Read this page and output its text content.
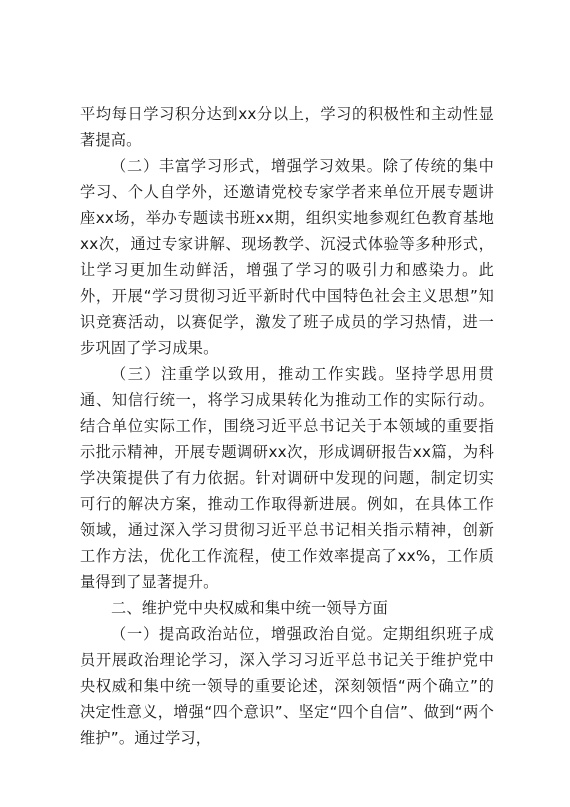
平均每日学习积分达到xx分以上，学习的积极性和主动性显著提高。

（二）丰富学习形式，增强学习效果。除了传统的集中学习、个人自学外，还邀请党校专家学者来单位开展专题讲座xx场，举办专题读书班xx期，组织实地参观红色教育基地xx次，通过专家讲解、现场教学、沉浸式体验等多种形式，让学习更加生动鲜活，增强了学习的吸引力和感染力。此外，开展“学习贯彻习近平新时代中国特色社会主义思想”知识竞赛活动，以赛促学，激发了班子成员的学习热情，进一步巩固了学习成果。

（三）注重学以致用，推动工作实践。坚持学思用贯通、知信行统一，将学习成果转化为推动工作的实际行动。结合单位实际工作，围绕习近平总书记关于本领域的重要指示批示精神，开展专题调研xx次，形成调研报告xx篇，为科学决策提供了有力依据。针对调研中发现的问题，制定切实可行的解决方案，推动工作取得新进展。例如，在具体工作领域，通过深入学习贯彻习近平总书记相关指示精神，创新工作方法，优化工作流程，使工作效率提高了xx%，工作质量得到了显著提升。

二、维护党中央权威和集中统一领导方面

（一）提高政治站位，增强政治自觉。定期组织班子成员开展政治理论学习，深入学习习近平总书记关于维护党中央权威和集中统一领导的重要论述，深刻领悟“两个确立”的决定性意义，增强“四个意识”、坚定“四个自信”、做到“两个维护”。通过学习，
